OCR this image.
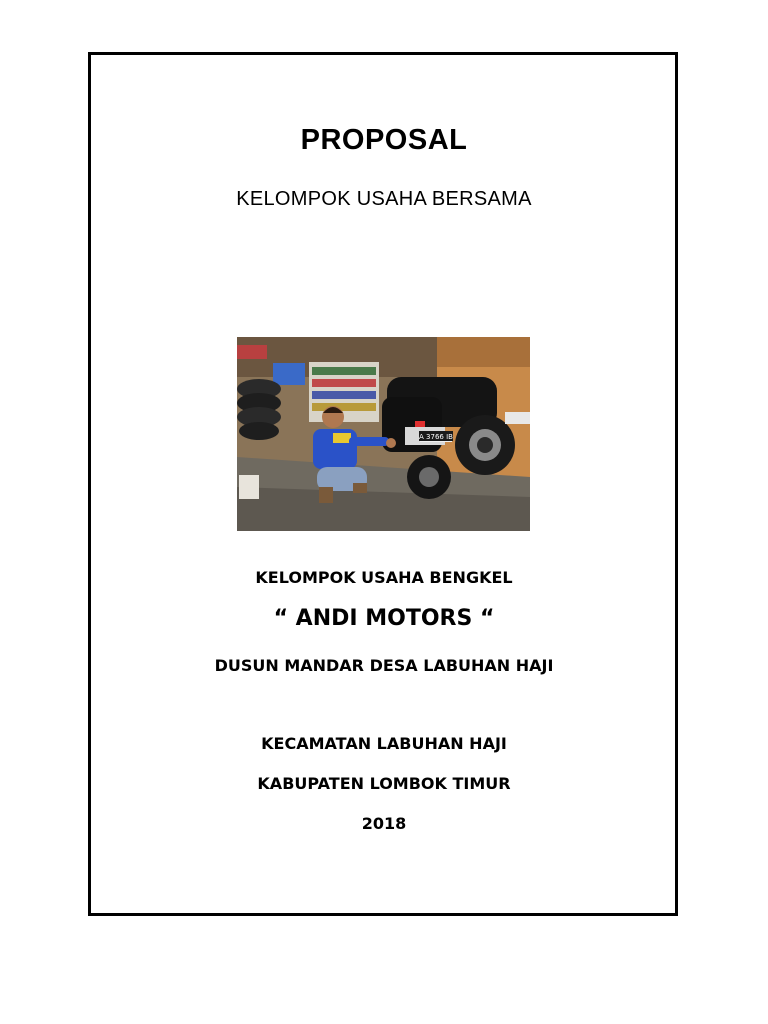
PROPOSAL
KELOMPOK USAHA BERSAMA
A 3766 IB
KELOMPOK USAHA BENGKEL
“ ANDI MOTORS “
DUSUN MANDAR DESA LABUHAN HAJI
KECAMATAN LABUHAN HAJI
KABUPATEN LOMBOK TIMUR
2018
